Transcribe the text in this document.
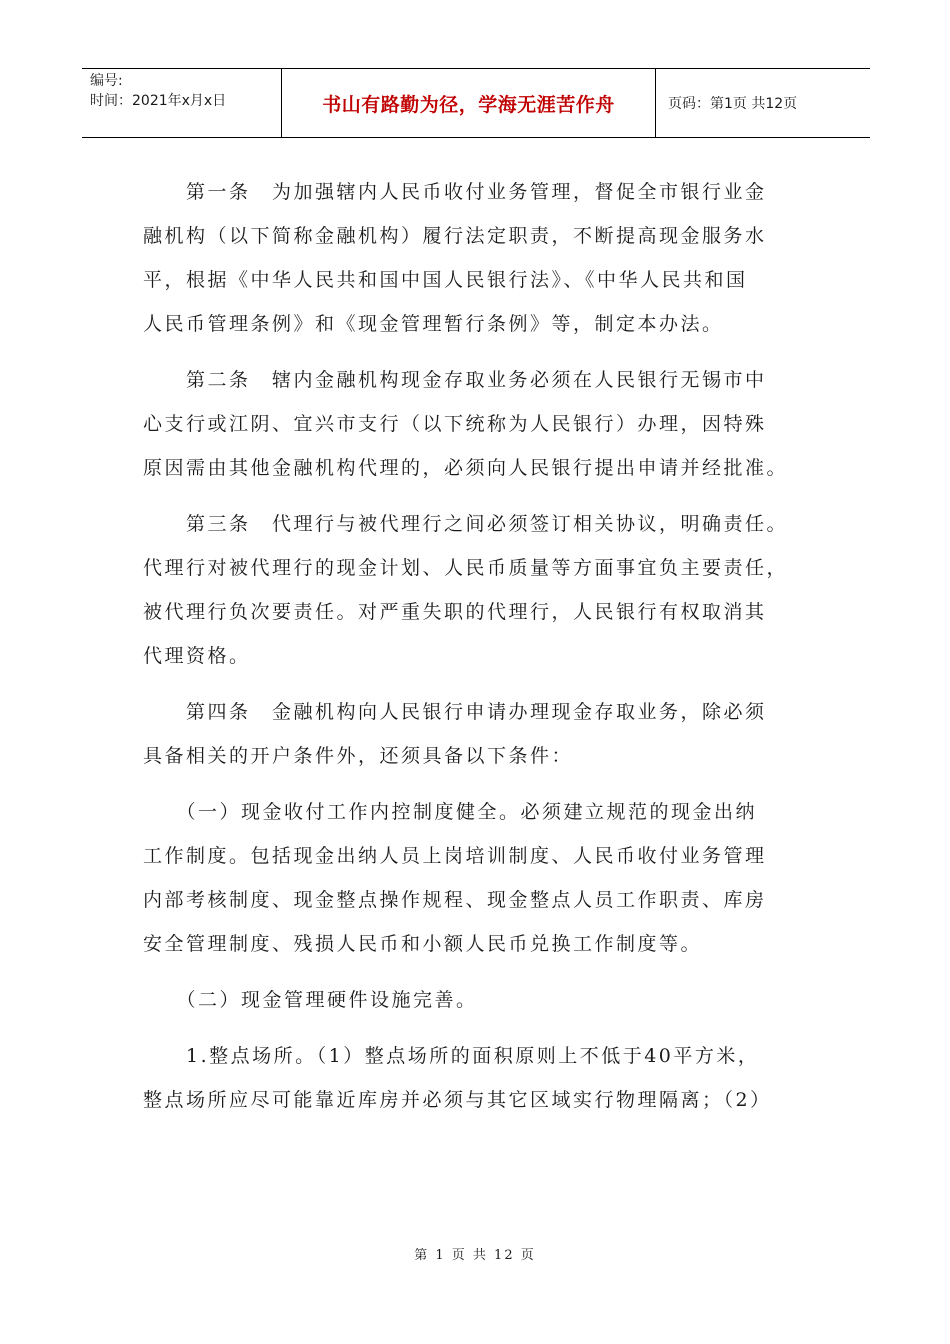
编号:
时间：2021年x月x日	书山有路勤为径，学海无涯苦作舟	页码：第1页 共12页

　　第一条　为加强辖内人民币收付业务管理，督促全市银行业金

融机构（以下简称金融机构）履行法定职责，不断提高现金服务水

平，根据《中华人民共和国中国人民银行法》、《中华人民共和国

人民币管理条例》和《现金管理暂行条例》等，制定本办法。

　　第二条　辖内金融机构现金存取业务必须在人民银行无锡市中

心支行或江阴、宜兴市支行（以下统称为人民银行）办理，因特殊

原因需由其他金融机构代理的，必须向人民银行提出申请并经批准。

　　第三条　代理行与被代理行之间必须签订相关协议，明确责任。

代理行对被代理行的现金计划、人民币质量等方面事宜负主要责任，

被代理行负次要责任。对严重失职的代理行，人民银行有权取消其

代理资格。

　　第四条　金融机构向人民银行申请办理现金存取业务，除必须

具备相关的开户条件外，还须具备以下条件：

　　（一）现金收付工作内控制度健全。必须建立规范的现金出纳

工作制度。包括现金出纳人员上岗培训制度、人民币收付业务管理

内部考核制度、现金整点操作规程、现金整点人员工作职责、库房

安全管理制度、残损人民币和小额人民币兑换工作制度等。

　　（二）现金管理硬件设施完善。

　　1.整点场所。（1）整点场所的面积原则上不低于40平方米，

整点场所应尽可能靠近库房并必须与其它区域实行物理隔离；（2）

第 1 页 共 12 页
